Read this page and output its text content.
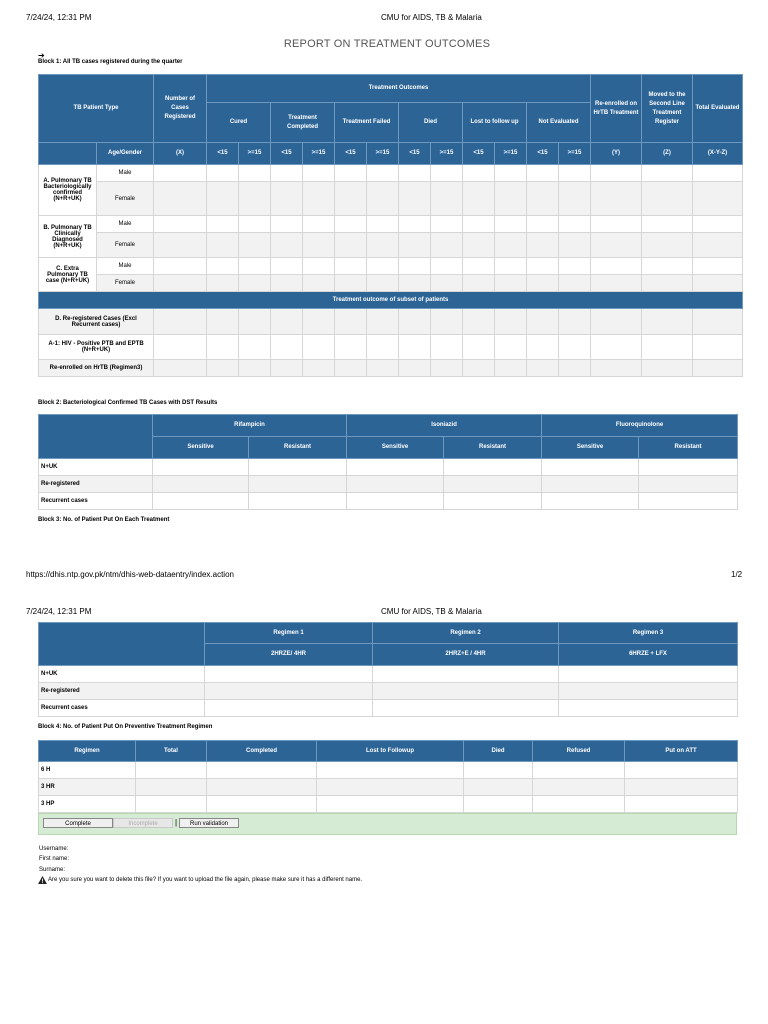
7/24/24, 12:31 PM	CMU for AIDS, TB & Malaria
REPORT ON TREATMENT OUTCOMES
➔
Block 1: All TB cases registered during the quarter
TB Patient Type		Number of Cases Registered	Treatment Outcomes												Re-enrolled on HrTB Treatment	Moved to the Second Line Treatment Register	Total Evaluated
			Cured		Treatment Completed		Treatment Failed		Died		Lost to follow up		Not Evaluated				
	Age/Gender	(X)	<15	>=15	<15	>=15	<15	>=15	<15	>=15	<15	>=15	<15	>=15	(Y)	(Z)	(X-Y-Z)
A. Pulmonary TB Bacteriologically confirmed (N+R+UK)	Male																
	Female																
B. Pulmonary TB Clinically Diagnosed (N+R+UK)	Male																
	Female																
C. Extra Pulmonary TB case (N+R+UK)	Male																
	Female																
Treatment outcome of subset of patients																	
D. Re-registered Cases (Excl Recurrent cases)																	
A-1: HIV - Positive PTB and EPTB (N+R+UK)																	
Re-enrolled on HrTB (Regimen3)																	
Block 2: Bacteriological Confirmed TB Cases with DST Results
	Rifampicin		Isoniazid		Fluoroquinolone	
	Sensitive	Resistant	Sensitive	Resistant	Sensitive	Resistant
N+UK						
Re-registered						
Recurrent cases						
Block 3: No. of Patient Put On Each Treatment
https://dhis.ntp.gov.pk/ntm/dhis-web-dataentry/index.action	1/2
7/24/24, 12:31 PM	CMU for AIDS, TB & Malaria
	Regimen 1	Regimen 2	Regimen 3
	2HRZE/ 4HR	2HRZ+E / 4HR	6HRZE + LFX
N+UK			
Re-registered			
Recurrent cases			
Block 4: No. of Patient Put On Preventive Treatment Regimen
Regimen	Total	Completed	Lost to Followup	Died	Refused	Put on ATT
6 H						
3 HR						
3 HP						
Complete	Incomplete	|	Run validation
Username:
First name:
Surname:
Are you sure you want to delete this file? If you want to upload the file again, please make sure it has a different name.
